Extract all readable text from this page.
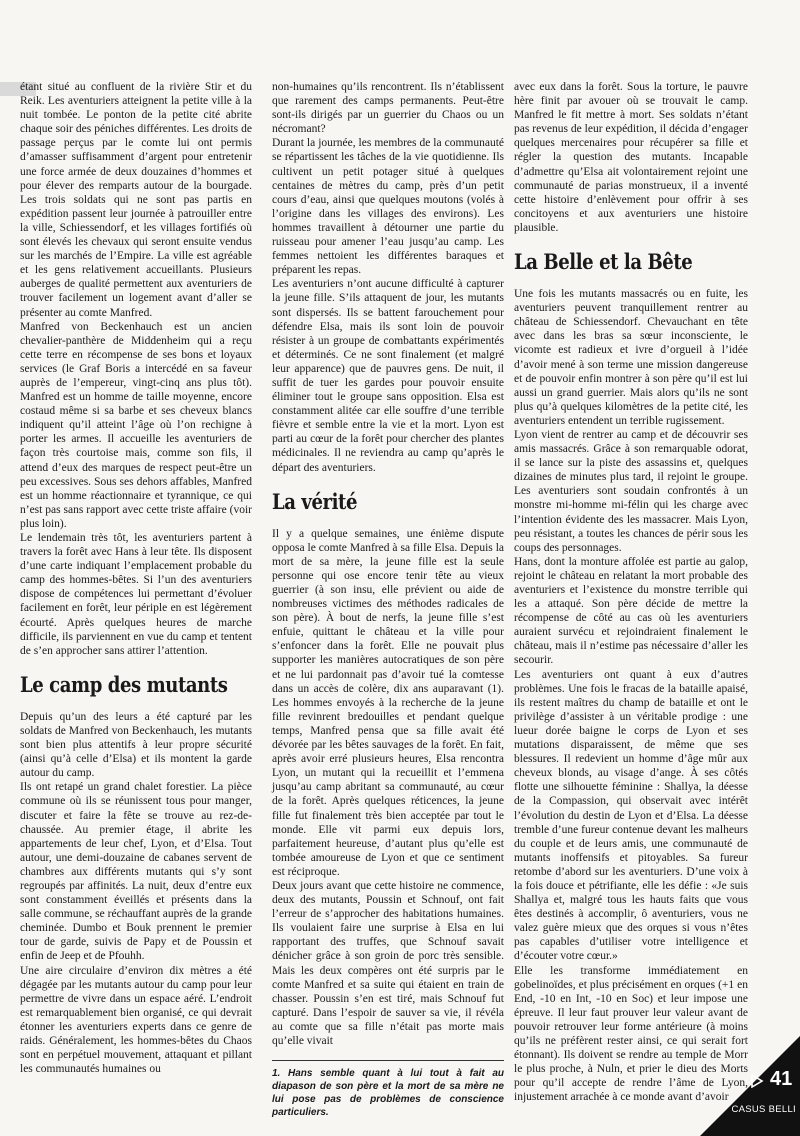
étant situé au confluent de la rivière Stir et du Reik. Les aventuriers atteignent la petite ville à la nuit tombée. Le ponton de la petite cité abrite chaque soir des péniches différentes. Les droits de passage perçus par le comte lui ont permis d’amasser suffisamment d’argent pour entretenir une force armée de deux douzaines d’hommes et pour élever des remparts autour de la bourgade. Les trois soldats qui ne sont pas partis en expédition passent leur journée à patrouiller entre la ville, Schiessendorf, et les villages fortifiés où sont élevés les chevaux qui seront ensuite vendus sur les marchés de l’Empire. La ville est agréable et les gens relativement accueillants. Plusieurs auberges de qualité permettent aux aventuriers de trouver facilement un logement avant d’aller se présenter au comte Manfred.

Manfred von Beckenhauch est un ancien chevalier-panthère de Middenheim qui a reçu cette terre en récompense de ses bons et loyaux services (le Graf Boris a intercédé en sa faveur auprès de l’empereur, vingt-cinq ans plus tôt). Manfred est un homme de taille moyenne, encore costaud même si sa barbe et ses cheveux blancs indiquent qu’il atteint l’âge où l’on rechigne à porter les armes. Il accueille les aventuriers de façon très courtoise mais, comme son fils, il attend d’eux des marques de respect peut-être un peu excessives. Sous ses dehors affables, Manfred est un homme réactionnaire et tyrannique, ce qui n’est pas sans rapport avec cette triste affaire (voir plus loin).

Le lendemain très tôt, les aventuriers partent à travers la forêt avec Hans à leur tête. Ils disposent d’une carte indiquant l’emplacement probable du camp des hommes-bêtes. Si l’un des aventuriers dispose de compétences lui permettant d’évoluer facilement en forêt, leur périple en est légèrement écourté. Après quelques heures de marche difficile, ils parviennent en vue du camp et tentent de s’en approcher sans attirer l’attention.

Le camp des mutants

Depuis qu’un des leurs a été capturé par les soldats de Manfred von Beckenhauch, les mutants sont bien plus attentifs à leur propre sécurité (ainsi qu’à celle d’Elsa) et ils montent la garde autour du camp.

Ils ont retapé un grand chalet forestier. La pièce commune où ils se réunissent tous pour manger, discuter et faire la fête se trouve au rez-de-chaussée. Au premier étage, il abrite les appartements de leur chef, Lyon, et d’Elsa. Tout autour, une demi-douzaine de cabanes servent de chambres aux différents mutants qui s’y sont regroupés par affinités. La nuit, deux d’entre eux sont constamment éveillés et présents dans la salle commune, se réchauffant auprès de la grande cheminée. Dumbo et Bouk prennent le premier tour de garde, suivis de Papy et de Poussin et enfin de Jeep et de Pfouhh.

Une aire circulaire d’environ dix mètres a été dégagée par les mutants autour du camp pour leur permettre de vivre dans un espace aéré. L’endroit est remarquablement bien organisé, ce qui devrait étonner les aventuriers experts dans ce genre de raids. Généralement, les hommes-bêtes du Chaos sont en perpétuel mouvement, attaquant et pillant les communautés humaines ou

non-humaines qu’ils rencontrent. Ils n’établissent que rarement des camps permanents. Peut-être sont-ils dirigés par un guerrier du Chaos ou un nécromant?

Durant la journée, les membres de la communauté se répartissent les tâches de la vie quotidienne. Ils cultivent un petit potager situé à quelques centaines de mètres du camp, près d’un petit cours d’eau, ainsi que quelques moutons (volés à l’origine dans les villages des environs). Les hommes travaillent à détourner une partie du ruisseau pour amener l’eau jusqu’au camp. Les femmes nettoient les différentes baraques et préparent les repas.

Les aventuriers n’ont aucune difficulté à capturer la jeune fille. S’ils attaquent de jour, les mutants sont dispersés. Ils se battent farouchement pour défendre Elsa, mais ils sont loin de pouvoir résister à un groupe de combattants expérimentés et déterminés. Ce ne sont finalement (et malgré leur apparence) que de pauvres gens. De nuit, il suffit de tuer les gardes pour pouvoir ensuite éliminer tout le groupe sans opposition. Elsa est constamment alitée car elle souffre d’une terrible fièvre et semble entre la vie et la mort. Lyon est parti au cœur de la forêt pour chercher des plantes médicinales. Il ne reviendra au camp qu’après le départ des aventuriers.

La vérité

Il y a quelque semaines, une énième dispute opposa le comte Manfred à sa fille Elsa. Depuis la mort de sa mère, la jeune fille est la seule personne qui ose encore tenir tête au vieux guerrier (à son insu, elle prévient ou aide de nombreuses victimes des méthodes radicales de son père). À bout de nerfs, la jeune fille s’est enfuie, quittant le château et la ville pour s’enfoncer dans la forêt. Elle ne pouvait plus supporter les manières autocratiques de son père et ne lui pardonnait pas d’avoir tué la comtesse dans un accès de colère, dix ans auparavant (1). Les hommes envoyés à la recherche de la jeune fille revinrent bredouilles et pendant quelque temps, Manfred pensa que sa fille avait été dévorée par les bêtes sauvages de la forêt. En fait, après avoir erré plusieurs heures, Elsa rencontra Lyon, un mutant qui la recueillit et l’emmena jusqu’au camp abritant sa communauté, au cœur de la forêt. Après quelques réticences, la jeune fille fut finalement très bien acceptée par tout le monde. Elle vit parmi eux depuis lors, parfaitement heureuse, d’autant plus qu’elle est tombée amoureuse de Lyon et que ce sentiment est réciproque.

Deux jours avant que cette histoire ne commence, deux des mutants, Poussin et Schnouf, ont fait l’erreur de s’approcher des habitations humaines. Ils voulaient faire une surprise à Elsa en lui rapportant des truffes, que Schnouf savait dénicher grâce à son groin de porc très sensible. Mais les deux compères ont été surpris par le comte Manfred et sa suite qui étaient en train de chasser. Poussin s’en est tiré, mais Schnouf fut capturé. Dans l’espoir de sauver sa vie, il révéla au comte que sa fille n’était pas morte mais qu’elle vivait

1. Hans semble quant à lui tout à fait au diapason de son père et la mort de sa mère ne lui pose pas de problèmes de conscience particuliers.

avec eux dans la forêt. Sous la torture, le pauvre hère finit par avouer où se trouvait le camp. Manfred le fit mettre à mort. Ses soldats n’étant pas revenus de leur expédition, il décida d’engager quelques mercenaires pour récupérer sa fille et régler la question des mutants. Incapable d’admettre qu’Elsa ait volontairement rejoint une communauté de parias monstrueux, il a inventé cette histoire d’enlèvement pour offrir à ses concitoyens et aux aventuriers une histoire plausible.

La Belle et la Bête

Une fois les mutants massacrés ou en fuite, les aventuriers peuvent tranquillement rentrer au château de Schiessendorf. Chevauchant en tête avec dans les bras sa sœur inconsciente, le vicomte est radieux et ivre d’orgueil à l’idée d’avoir mené à son terme une mission dangereuse et de pouvoir enfin montrer à son père qu’il est lui aussi un grand guerrier. Mais alors qu’ils ne sont plus qu’à quelques kilomètres de la petite cité, les aventuriers entendent un terrible rugissement.

Lyon vient de rentrer au camp et de découvrir ses amis massacrés. Grâce à son remarquable odorat, il se lance sur la piste des assassins et, quelques dizaines de minutes plus tard, il rejoint le groupe. Les aventuriers sont soudain confrontés à un monstre mi-homme mi-félin qui les charge avec l’intention évidente des les massacrer. Mais Lyon, peu résistant, a toutes les chances de périr sous les coups des personnages.

Hans, dont la monture affolée est partie au galop, rejoint le château en relatant la mort probable des aventuriers et l’existence du monstre terrible qui les a attaqué. Son père décide de mettre la récompense de côté au cas où les aventuriers auraient survécu et rejoindraient finalement le château, mais il n’estime pas nécessaire d’aller les secourir.

Les aventuriers ont quant à eux d’autres problèmes. Une fois le fracas de la bataille apaisé, ils restent maîtres du champ de bataille et ont le privilège d’assister à un véritable prodige : une lueur dorée baigne le corps de Lyon et ses mutations disparaissent, de même que ses blessures. Il redevient un homme d’âge mûr aux cheveux blonds, au visage d’ange. À ses côtés flotte une silhouette féminine : Shallya, la déesse de la Compassion, qui observait avec intérêt l’évolution du destin de Lyon et d’Elsa. La déesse tremble d’une fureur contenue devant les malheurs du couple et de leurs amis, une communauté de mutants inoffensifs et pitoyables. Sa fureur retombe d’abord sur les aventuriers. D’une voix à la fois douce et pétrifiante, elle les défie : «Je suis Shallya et, malgré tous les hauts faits que vous êtes destinés à accomplir, ô aventuriers, vous ne valez guère mieux que des orques si vous n’êtes pas capables d’utiliser votre intelligence et d’écouter votre cœur.»

Elle les transforme immédiatement en gobelinoïdes, et plus précisément en orques (+1 en End, -10 en Int, -10 en Soc) et leur impose une épreuve. Il leur faut prouver leur valeur avant de pouvoir retrouver leur forme antérieure (à moins qu’ils ne préfèrent rester ainsi, ce qui serait fort étonnant). Ils doivent se rendre au temple de Morr le plus proche, à Nuln, et prier le dieu des Morts pour qu’il accepte de rendre l’âme de Lyon, injustement arrachée à ce monde avant d’avoir

41
CASUS BELLI
